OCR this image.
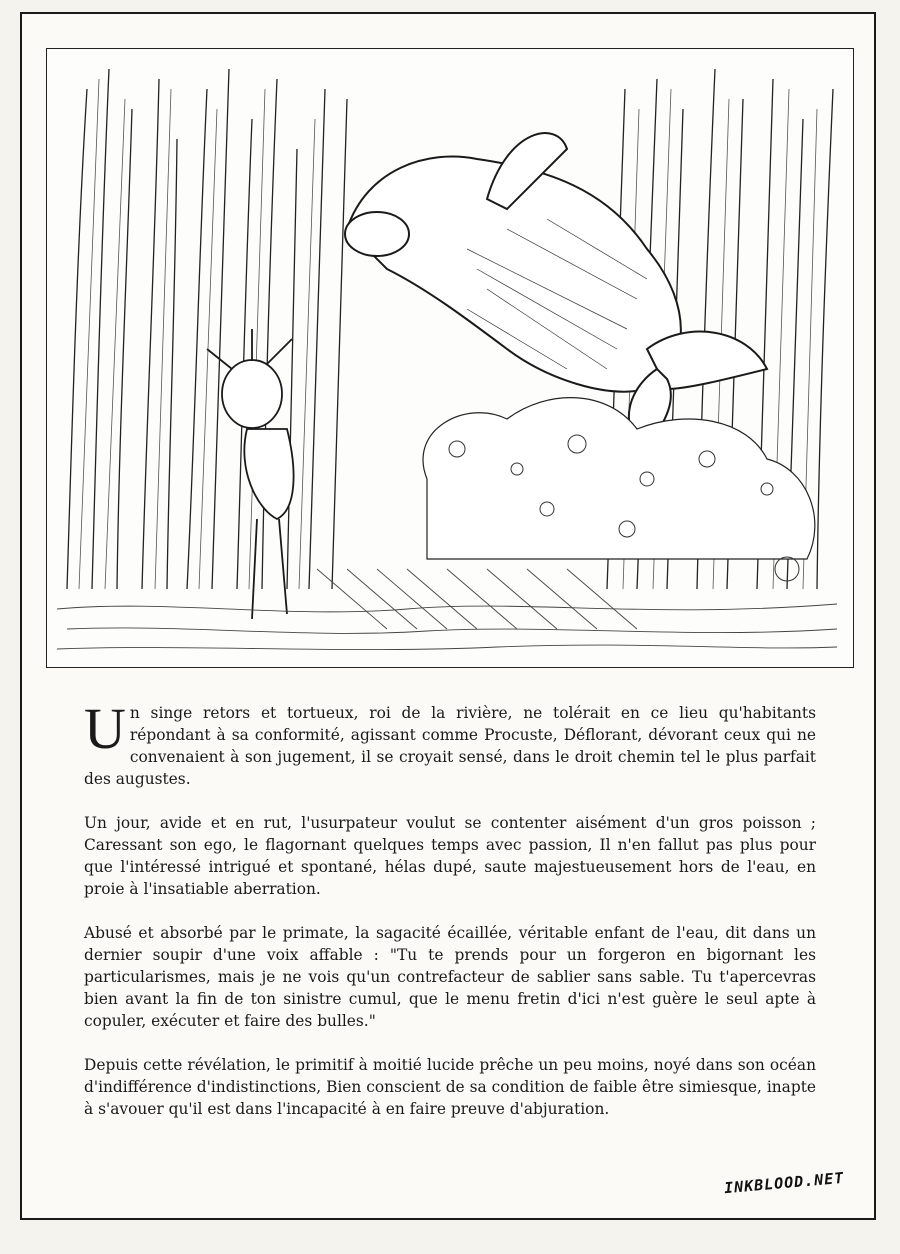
Un singe retors et tortueux, roi de la rivière, ne tolérait en ce lieu qu'habitants répondant à sa conformité, agissant comme Procuste, Déflorant, dévorant ceux qui ne convenaient à son jugement, il se croyait sensé, dans le droit chemin tel le plus parfait des augustes.

Un jour, avide et en rut, l'usurpateur voulut se contenter aisément d'un gros poisson ; Caressant son ego, le flagornant quelques temps avec passion, Il n'en fallut pas plus pour que l'intéressé intrigué et spontané, hélas dupé, saute majestueusement hors de l'eau, en proie à l'insatiable aberration.

Abusé et absorbé par le primate, la sagacité écaillée, véritable enfant de l'eau, dit dans un dernier soupir d'une voix affable : "Tu te prends pour un forgeron en bigornant les particularismes, mais je ne vois qu'un contrefacteur de sablier sans sable. Tu t'apercevras bien avant la fin de ton sinistre cumul, que le menu fretin d'ici n'est guère le seul apte à copuler, exécuter et faire des bulles."

Depuis cette révélation, le primitif à moitié lucide prêche un peu moins, noyé dans son océan d'indifférence d'indistinctions, Bien conscient de sa condition de faible être simiesque, inapte à s'avouer qu'il est dans l'incapacité à en faire preuve d'abjuration.

INKBLOOD.NET
